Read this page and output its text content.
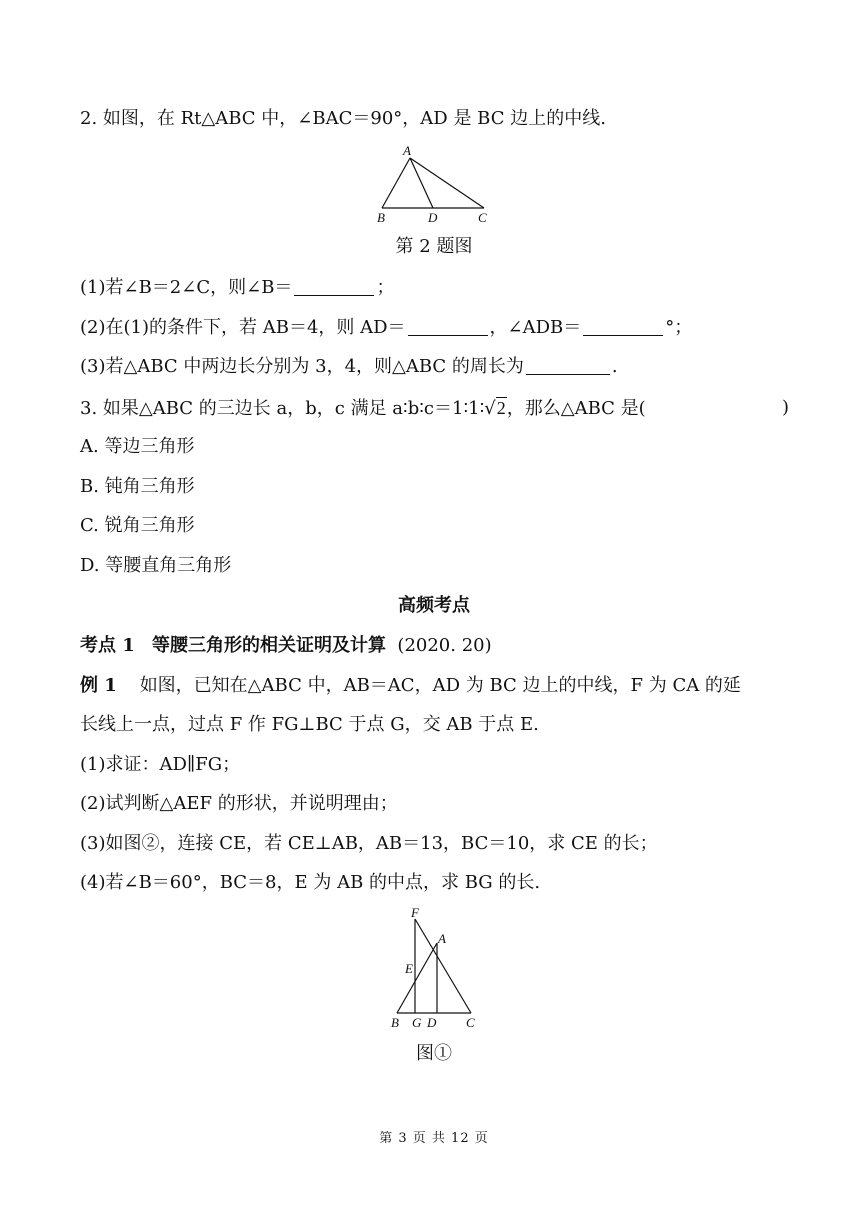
2. 如图，在 Rt△ABC 中，∠BAC＝90°，AD 是 BC 边上的中线.
A
B	D	C
第 2 题图
(1)若∠B＝2∠C，则∠B＝	；
(2)在(1)的条件下，若 AB＝4，则 AD＝	，∠ADB＝	°；
(3)若△ABC 中两边长分别为 3，4，则△ABC 的周长为	.
3. 如果△ABC 的三边长 a，b，c 满足 a∶b∶c＝1∶1∶√2，那么△ABC 是(	)
A. 等边三角形
B. 钝角三角形
C. 锐角三角形
D. 等腰直角三角形
高频考点
考点 1 等腰三角形的相关证明及计算 (2020. 20)
例 1 如图，已知在△ABC 中，AB＝AC，AD 为 BC 边上的中线，F 为 CA 的延
长线上一点，过点 F 作 FG⊥BC 于点 G，交 AB 于点 E.
(1)求证：AD∥FG；
(2)试判断△AEF 的形状，并说明理由；
(3)如图②，连接 CE，若 CE⊥AB，AB＝13，BC＝10，求 CE 的长；
(4)若∠B＝60°，BC＝8，E 为 AB 的中点，求 BG 的长.
F
A
E
B G D C
图①
第 3 页 共 12 页
